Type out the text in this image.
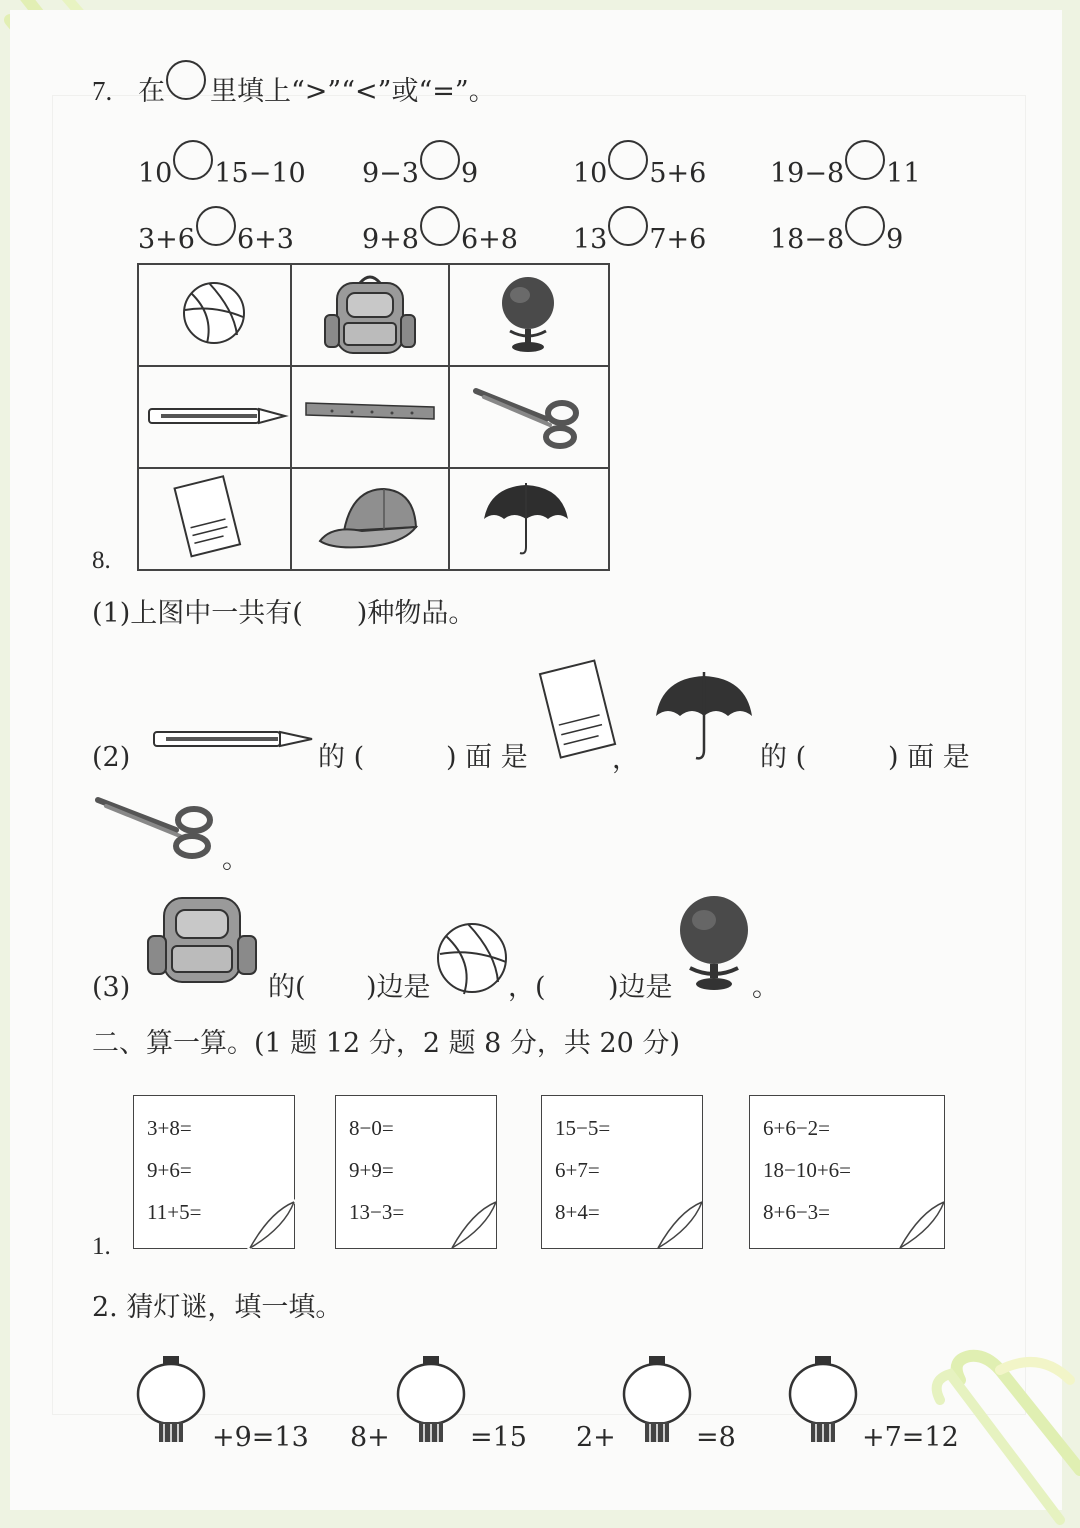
7. 在 里填上“>”“<”或“=”。
10 15−10 9−3 9	10 5+6 19−8 11
3+6 6+3	9+8 6+8 13 7+6 18−8 9

8.
(1)上图中一共有(　　)种物品。
(2)	的 (	) 面 是	，	的 (	) 面 是
。
(3)	的( )边是	，( )边是	。
二、算一算。(1 题 12 分，2 题 8 分，共 20 分)
1.
3+8=
9+6=
11+5=
8−0=
9+9=
13−3=
15−5=
6+7=
8+4=
6+6−2=
18−10+6=
8+6−3=
2. 猜灯谜，填一填。
+9=13 8+	=15 2+	=8	+7=12
